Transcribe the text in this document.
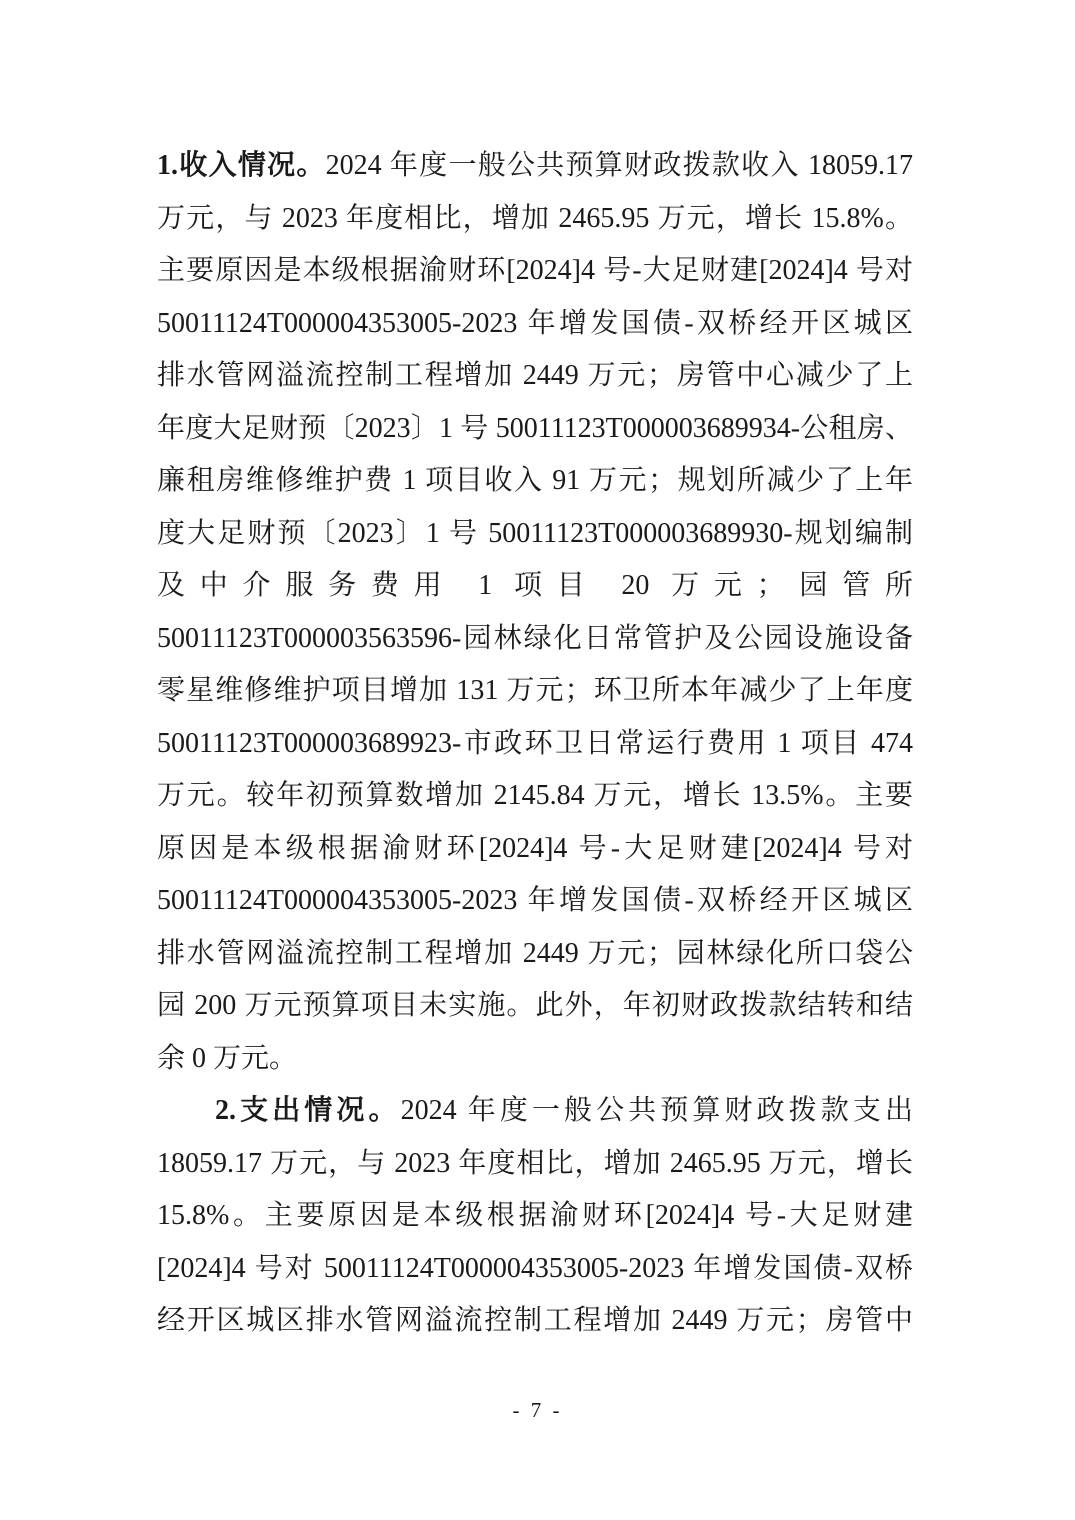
1.收入情况。2024 年度一般公共预算财政拨款收入 18059.17
万元，与 2023 年度相比，增加 2465.95 万元，增长 15.8%。
主要原因是本级根据渝财环[2024]4 号-大足财建[2024]4 号对
50011124T000004353005-2023 年增发国债-双桥经开区城区
排水管网溢流控制工程增加 2449 万元；房管中心减少了上
年度大足财预〔2023〕1 号 50011123T000003689934-公租房、
廉租房维修维护费 1 项目收入 91 万元；规划所减少了上年
度大足财预〔2023〕1 号 50011123T000003689930-规划编制
及中介服务费用 1 项目 20 万元；园管所
50011123T000003563596-园林绿化日常管护及公园设施设备
零星维修维护项目增加 131 万元；环卫所本年减少了上年度
50011123T000003689923-市政环卫日常运行费用 1 项目 474
万元。较年初预算数增加 2145.84 万元，增长 13.5%。主要
原因是本级根据渝财环[2024]4 号-大足财建[2024]4 号对
50011124T000004353005-2023 年增发国债-双桥经开区城区
排水管网溢流控制工程增加 2449 万元；园林绿化所口袋公
园 200 万元预算项目未实施。此外，年初财政拨款结转和结
余 0 万元。
2.支出情况。2024 年度一般公共预算财政拨款支出
18059.17 万元，与 2023 年度相比，增加 2465.95 万元，增长
15.8%。主要原因是本级根据渝财环[2024]4 号-大足财建
[2024]4 号对 50011124T000004353005-2023 年增发国债-双桥
经开区城区排水管网溢流控制工程增加 2449 万元；房管中
- 7 -
